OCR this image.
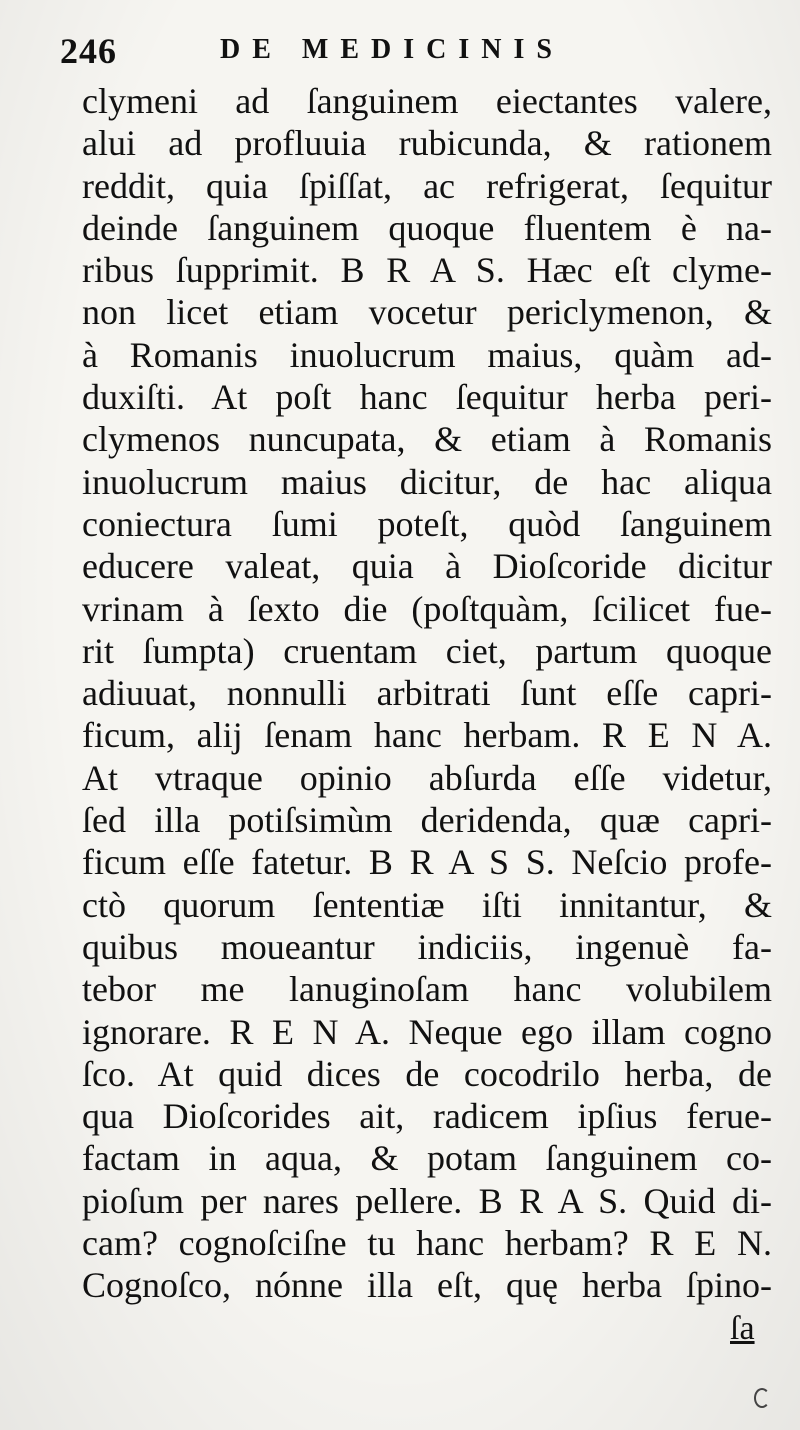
246	DE MEDICINIS
clymeni ad ſanguinem eiectantes valere,
alui ad profluuia rubicunda, & rationem
reddit, quia ſpiſſat, ac refrigerat, ſequitur
deinde ſanguinem quoque fluentem è na-
ribus ſupprimit. B R A S. Hæc eſt clyme-
non licet etiam vocetur periclymenon, &
à Romanis inuolucrum maius, quàm ad-
duxiſti. At poſt hanc ſequitur herba peri-
clymenos nuncupata, & etiam à Romanis
inuolucrum maius dicitur, de hac aliqua
coniectura ſumi poteſt, quòd ſanguinem
educere valeat, quia à Dioſcoride dicitur
vrinam à ſexto die (poſtquàm, ſcilicet fue-
rit ſumpta) cruentam ciet, partum quoque
adiuuat, nonnulli arbitrati ſunt eſſe capri-
ficum, alij ſenam hanc herbam. R E N A.
At vtraque opinio abſurda eſſe videtur,
ſed illa potiſsimùm deridenda, quæ capri-
ficum eſſe fatetur. B R A S S. Neſcio profe-
ctò quorum ſententiæ iſti innitantur, &
quibus moueantur indiciis, ingenuè fa-
tebor me lanuginoſam hanc volubilem
ignorare. R E N A. Neque ego illam cogno
ſco. At quid dices de cocodrilo herba, de
qua Dioſcorides ait, radicem ipſius ferue-
factam in aqua, & potam ſanguinem co-
pioſum per nares pellere. B R A S. Quid di-
cam? cognoſciſne tu hanc herbam? R E N.
Cognoſco, nónne illa eſt, quę herba ſpino-
ſa
